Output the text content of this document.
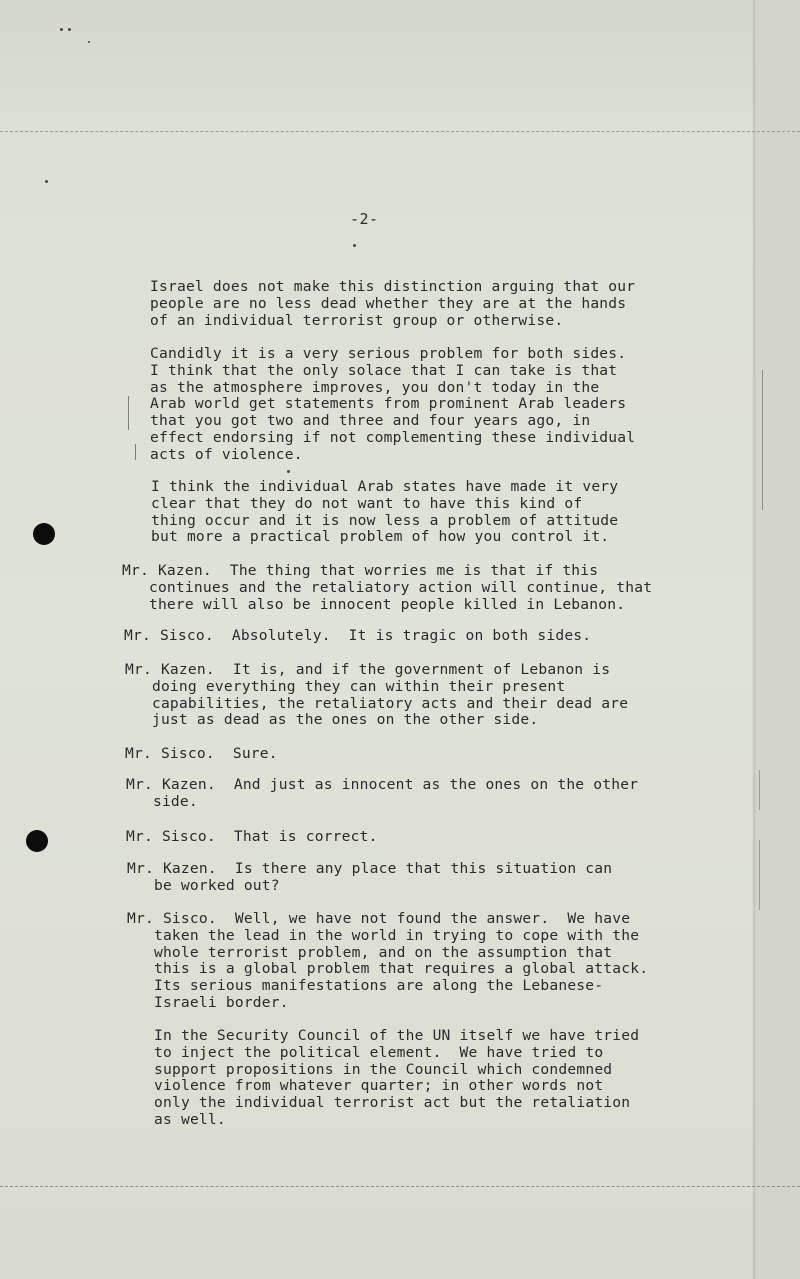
-2-

Israel does not make this distinction arguing that our
people are no less dead whether they are at the hands
of an individual terrorist group or otherwise.

Candidly it is a very serious problem for both sides.
I think that the only solace that I can take is that
as the atmosphere improves, you don't today in the
Arab world get statements from prominent Arab leaders
that you got two and three and four years ago, in
effect endorsing if not complementing these individual
acts of violence.

I think the individual Arab states have made it very
clear that they do not want to have this kind of
thing occur and it is now less a problem of attitude
but more a practical problem of how you control it.

Mr. Kazen.  The thing that worries me is that if this
continues and the retaliatory action will continue, that
there will also be innocent people killed in Lebanon.

Mr. Sisco.  Absolutely.  It is tragic on both sides.

Mr. Kazen.  It is, and if the government of Lebanon is
doing everything they can within their present
capabilities, the retaliatory acts and their dead are
just as dead as the ones on the other side.

Mr. Sisco.  Sure.

Mr. Kazen.  And just as innocent as the ones on the other
side.

Mr. Sisco.  That is correct.

Mr. Kazen.  Is there any place that this situation can
be worked out?

Mr. Sisco.  Well, we have not found the answer.  We have
taken the lead in the world in trying to cope with the
whole terrorist problem, and on the assumption that
this is a global problem that requires a global attack.
Its serious manifestations are along the Lebanese-
Israeli border.

In the Security Council of the UN itself we have tried
to inject the political element.  We have tried to
support propositions in the Council which condemned
violence from whatever quarter; in other words not
only the individual terrorist act but the retaliation
as well.
